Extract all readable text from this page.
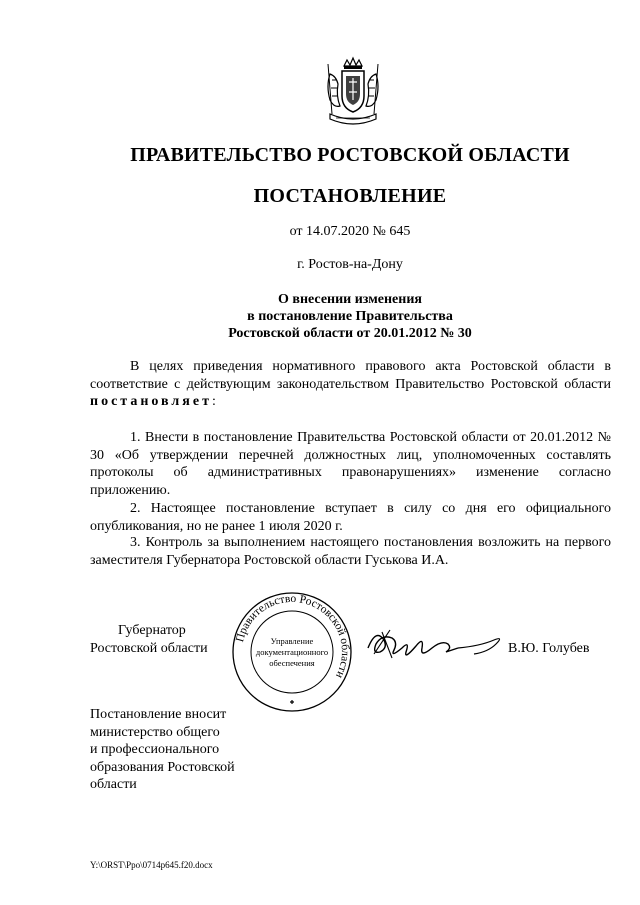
ПРАВИТЕЛЬСТВО РОСТОВСКОЙ ОБЛАСТИ
ПОСТАНОВЛЕНИЕ
от 14.07.2020 № 645
г. Ростов-на-Дону
О внесении изменения
в постановление Правительства
Ростовской области от 20.01.2012 № 30
В целях приведения нормативного правового акта Ростовской области в соответствие с действующим законодательством Правительство Ростовской области постановляет:
1. Внести в постановление Правительства Ростовской области от 20.01.2012 № 30 «Об утверждении перечней должностных лиц, уполномоченных составлять протоколы об административных правонарушениях» изменение согласно приложению.
2. Настоящее постановление вступает в силу со дня его официального опубликования, но не ранее 1 июля 2020 г.
3. Контроль за выполнением настоящего постановления возложить на первого заместителя Губернатора Ростовской области Гуськова И.А.
Губернатор
Ростовской области
Правительство Ростовской области
Управление
документационного
обеспечения
В.Ю. Голубев
Постановление вносит
министерство общего
и профессионального
образования Ростовской
области
Y:\ORST\Ppo\0714p645.f20.docx
